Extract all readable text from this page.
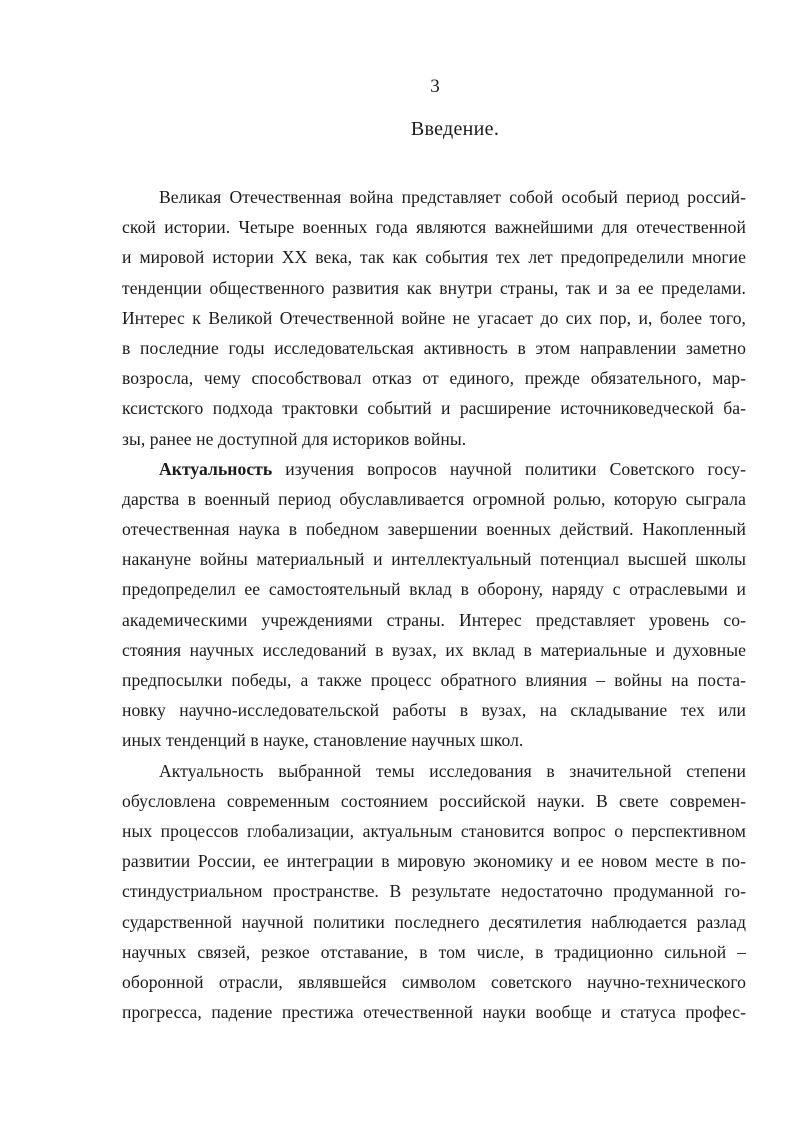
3
Введение.
Великая Отечественная война представляет собой особый период россий-
ской истории. Четыре военных года являются важнейшими для отечественной
и мировой истории XX века, так как события тех лет предопределили многие
тенденции общественного развития как внутри страны, так и за ее пределами.
Интерес к Великой Отечественной войне не угасает до сих пор, и, более того,
в последние годы исследовательская активность в этом направлении заметно
возросла, чему способствовал отказ от единого, прежде обязательного, мар-
ксистского подхода трактовки событий и расширение источниковедческой ба-
зы, ранее не доступной для историков войны.
Актуальность изучения вопросов научной политики Советского госу-
дарства в военный период обуславливается огромной ролью, которую сыграла
отечественная наука в победном завершении военных действий. Накопленный
накануне войны материальный и интеллектуальный потенциал высшей школы
предопределил ее самостоятельный вклад в оборону, наряду с отраслевыми и
академическими учреждениями страны. Интерес представляет уровень со-
стояния научных исследований в вузах, их вклад в материальные и духовные
предпосылки победы, а также процесс обратного влияния – войны на поста-
новку научно-исследовательской работы в вузах, на складывание тех или
иных тенденций в науке, становление научных школ.
Актуальность выбранной темы исследования в значительной степени
обусловлена современным состоянием российской науки. В свете современ-
ных процессов глобализации, актуальным становится вопрос о перспективном
развитии России, ее интеграции в мировую экономику и ее новом месте в по-
стиндустриальном пространстве. В результате недостаточно продуманной го-
сударственной научной политики последнего десятилетия наблюдается разлад
научных связей, резкое отставание, в том числе, в традиционно сильной –
оборонной отрасли, являвшейся символом советского научно-технического
прогресса, падение престижа отечественной науки вообще и статуса профес-
